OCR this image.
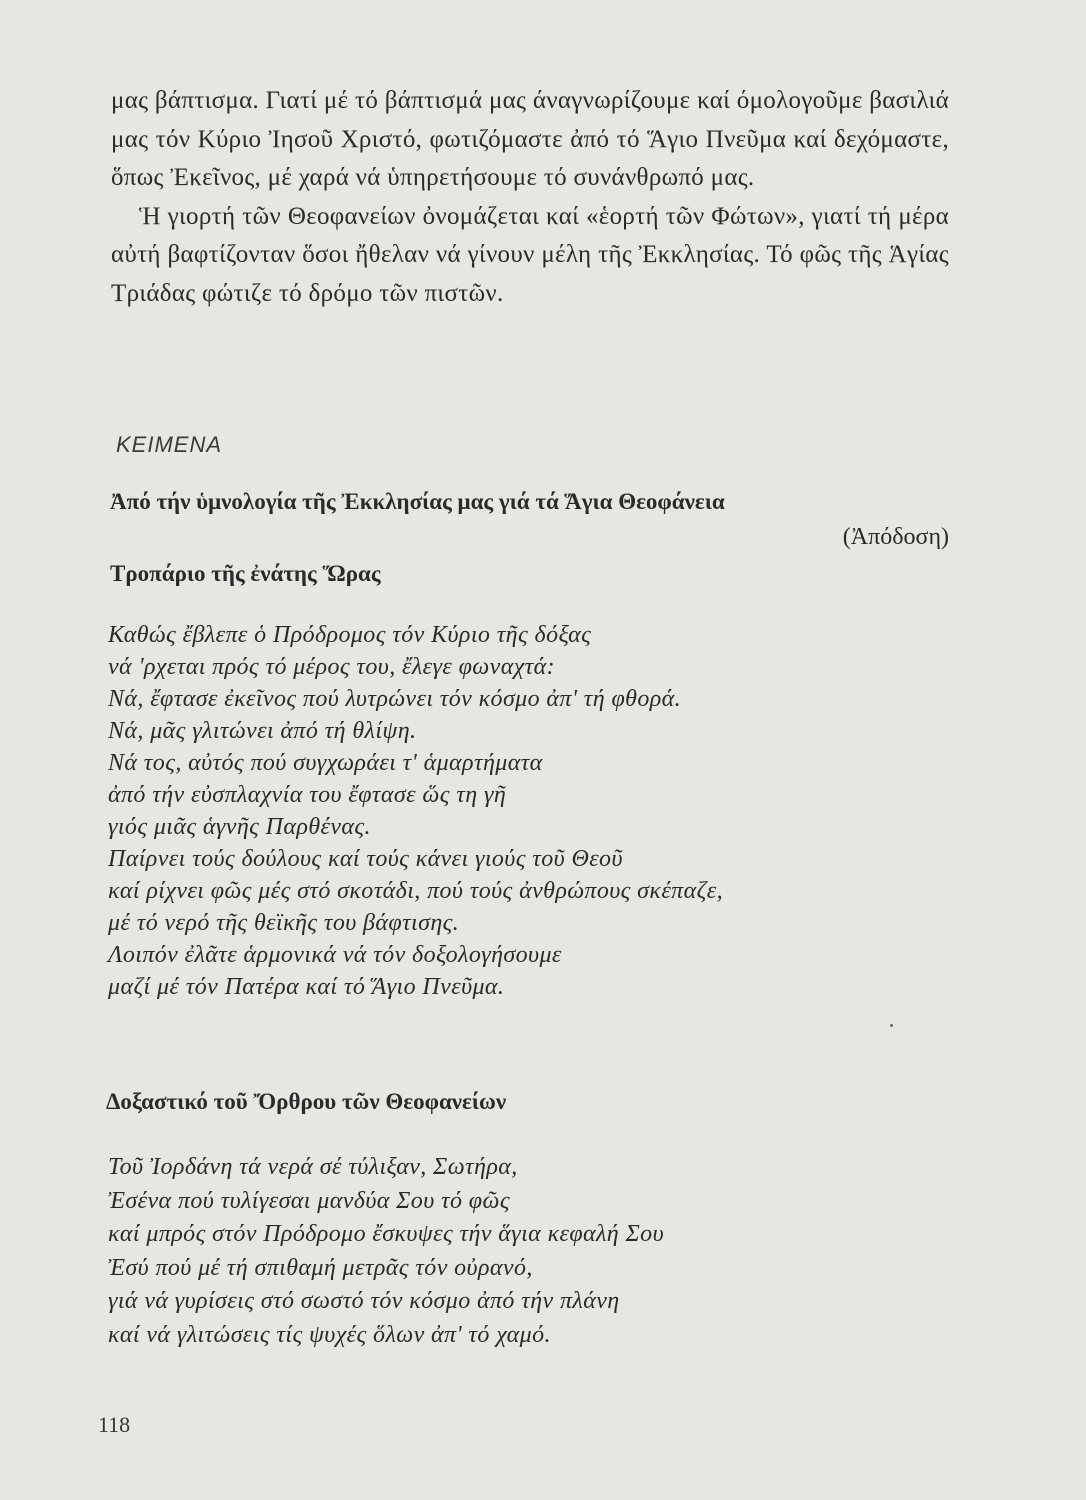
μας βάπτισμα. Γιατί μέ τό βάπτισμά μας άναγνωρίζουμε καί όμολογοῦμε βασιλιά μας τόν Κύριο Ἰησοῦ Χριστό, φωτιζόμαστε ἀπό τό Ἅγιο Πνεῦμα καί δεχόμαστε, ὅπως Ἐκεῖνος, μέ χαρά νά ὑπηρετήσουμε τό συνάνθρωπό μας.

Ἡ γιορτή τῶν Θεοφανείων ὀνομάζεται καί «ἑορτή τῶν Φώτων», γιατί τή μέρα αὐτή βαφτίζονταν ὅσοι ἤθελαν νά γίνουν μέλη τῆς Ἐκκλησίας. Τό φῶς τῆς Ἁγίας Τριάδας φώτιζε τό δρόμο τῶν πιστῶν.

ΚΕΙΜΕΝΑ
Ἀπό τήν ὑμνολογία τῆς Ἐκκλησίας μας γιά τά Ἅγια Θεοφάνεια
(Ἀπόδοση)
Τροπάριο τῆς ἐνάτης Ὥρας
Καθώς ἔβλεπε ὁ Πρόδρομος τόν Κύριο τῆς δόξας
νά 'ρχεται πρός τό μέρος του, ἔλεγε φωναχτά:
Νά, ἔφτασε ἐκεῖνος πού λυτρώνει τόν κόσμο ἀπ' τή φθορά.
Νά, μᾶς γλιτώνει ἀπό τή θλίψη.
Νά τος, αὐτός πού συγχωράει τ' ἁμαρτήματα
ἀπό τήν εὐσπλαχνία του ἔφτασε ὥς τη γῆ
γιός μιᾶς ἁγνῆς Παρθένας.
Παίρνει τούς δούλους καί τούς κάνει γιούς τοῦ Θεοῦ
καί ρίχνει φῶς μές στό σκοτάδι, πού τούς ἀνθρώπους σκέπαζε,
μέ τό νερό τῆς θεϊκῆς του βάφτισης.
Λοιπόν ἐλᾶτε ἁρμονικά νά τόν δοξολογήσουμε
μαζί μέ τόν Πατέρα καί τό Ἅγιο Πνεῦμα.
Δοξαστικό τοῦ Ὄρθρου τῶν Θεοφανείων
Τοῦ Ἰορδάνη τά νερά σέ τύλιξαν, Σωτήρα,
Ἐσένα πού τυλίγεσαι μανδύα Σου τό φῶς
καί μπρός στόν Πρόδρομο ἔσκυψες τήν ἅγια κεφαλή Σου
Ἐσύ πού μέ τή σπιθαμή μετρᾶς τόν οὐρανό,
γιά νά γυρίσεις στό σωστό τόν κόσμο ἀπό τήν πλάνη
καί νά γλιτώσεις τίς ψυχές ὅλων ἀπ' τό χαμό.
118
